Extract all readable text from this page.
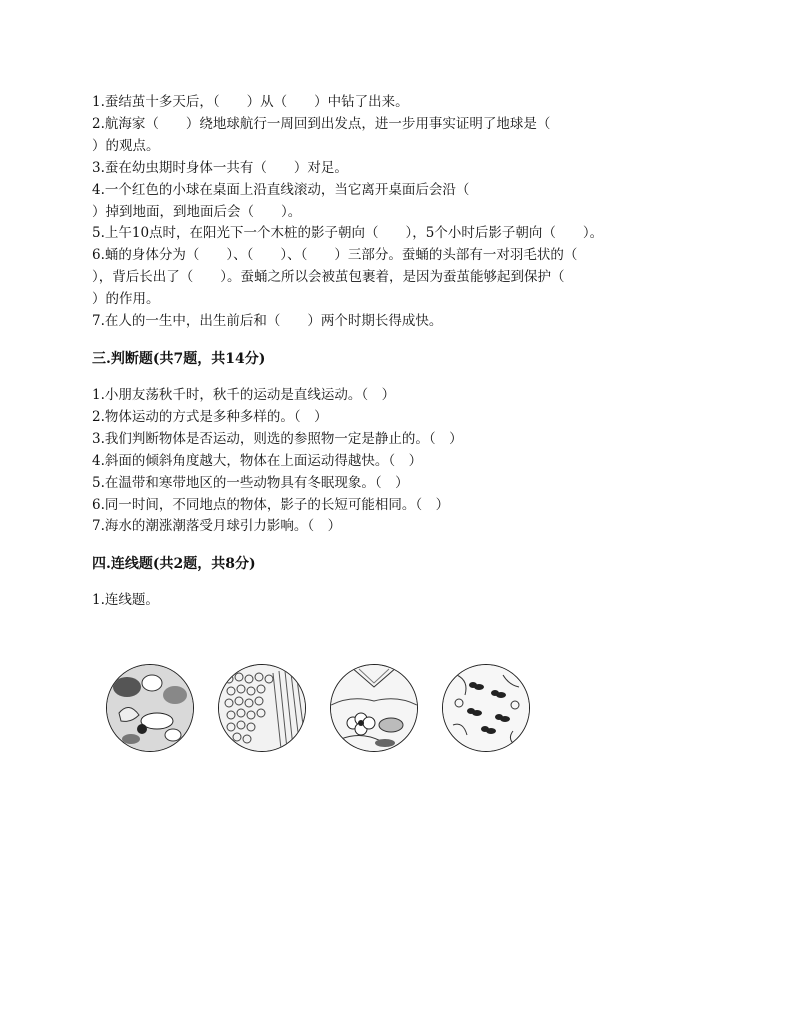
1.蚕结茧十多天后，（　　）从（　　）中钻了出来。
2.航海家（　　）绕地球航行一周回到出发点，进一步用事实证明了地球是（
）的观点。
3.蚕在幼虫期时身体一共有（　　）对足。
4.一个红色的小球在桌面上沿直线滚动，当它离开桌面后会沿（
）掉到地面，到地面后会（　　）。
5.上午10点时，在阳光下一个木桩的影子朝向（　　），5个小时后影子朝向（　　）。
6.蛹的身体分为（　　）、（　　）、（　　）三部分。蚕蛹的头部有一对羽毛状的（
），背后长出了（　　）。蚕蛹之所以会被茧包裹着，是因为蚕茧能够起到保护（
）的作用。
7.在人的一生中，出生前后和（　　）两个时期长得成快。
三.判断题(共7题，共14分)
1.小朋友荡秋千时，秋千的运动是直线运动。（　）
2.物体运动的方式是多种多样的。（　）
3.我们判断物体是否运动，则选的参照物一定是静止的。（　）
4.斜面的倾斜角度越大，物体在上面运动得越快。（　）
5.在温带和寒带地区的一些动物具有冬眠现象。（　）
6.同一时间，不同地点的物体，影子的长短可能相同。（　）
7.海水的潮涨潮落受月球引力影响。（　）
四.连线题(共2题，共8分)
1.连线题。
